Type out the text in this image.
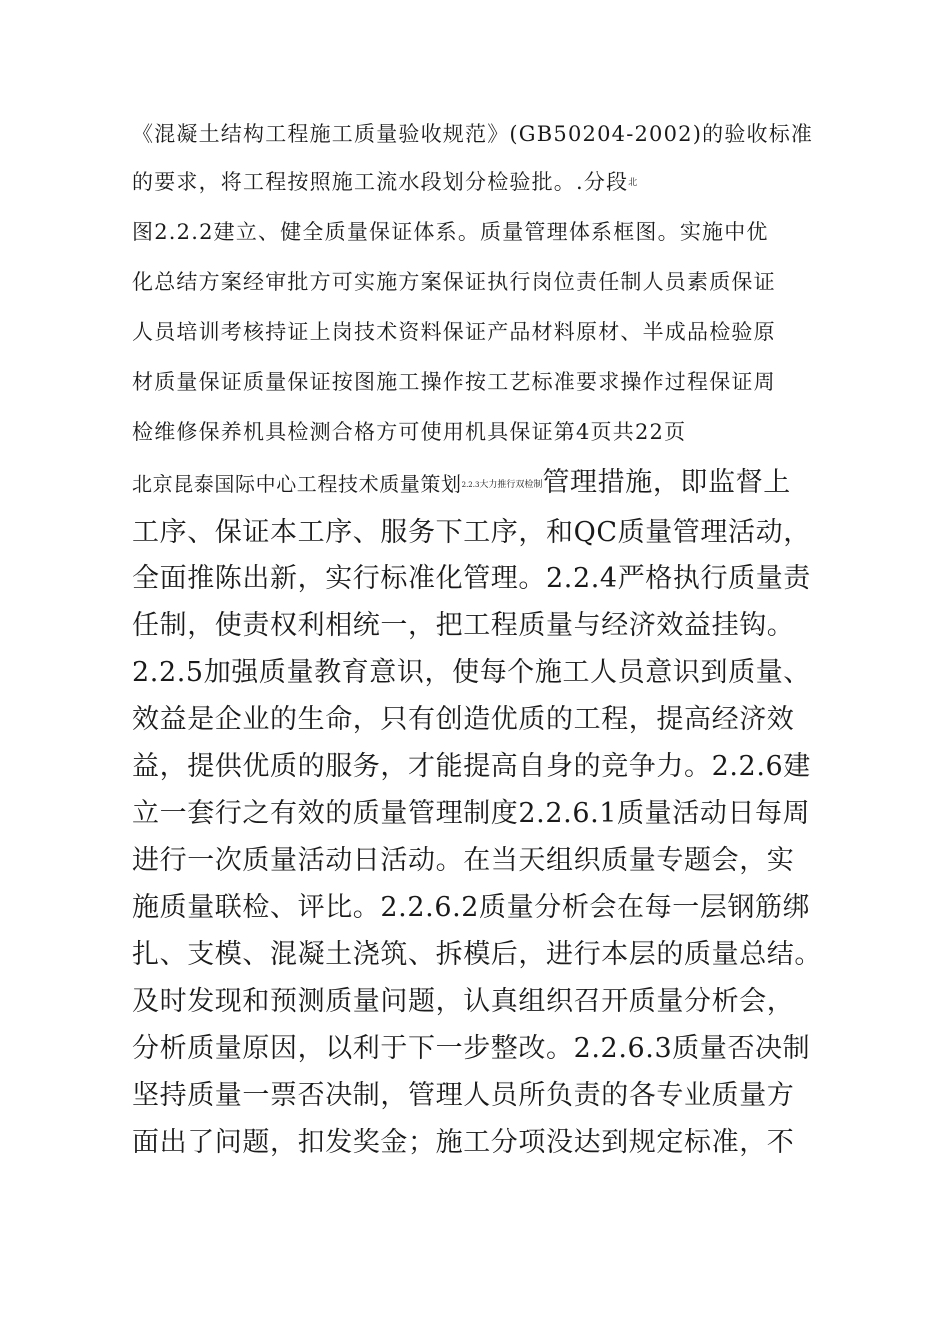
《混凝土结构工程施工质量验收规范》(GB50204-2002)的验收标准
的要求，将工程按照施工流水段划分检验批。.分段北
图2.2.2建立、健全质量保证体系。质量管理体系框图。实施中优
化总结方案经审批方可实施方案保证执行岗位责任制人员素质保证
人员培训考核持证上岗技术资料保证产品材料原材、半成品检验原
材质量保证质量保证按图施工操作按工艺标准要求操作过程保证周
检维修保养机具检测合格方可使用机具保证第4页共22页
北京昆泰国际中心工程技术质量策划$^{2.2.3大力推行双检制}$管理措施，即监督上
工序、保证本工序、服务下工序，和QC质量管理活动，
全面推陈出新，实行标准化管理。2.2.4严格执行质量责
任制，使责权利相统一，把工程质量与经济效益挂钩。
2.2.5加强质量教育意识，使每个施工人员意识到质量、
效益是企业的生命，只有创造优质的工程，提高经济效
益，提供优质的服务，才能提高自身的竞争力。2.2.6建
立一套行之有效的质量管理制度2.2.6.1质量活动日每周
进行一次质量活动日活动。在当天组织质量专题会，实
施质量联检、评比。2.2.6.2质量分析会在每一层钢筋绑
扎、支模、混凝土浇筑、拆模后，进行本层的质量总结。
及时发现和预测质量问题，认真组织召开质量分析会，
分析质量原因，以利于下一步整改。2.2.6.3质量否决制
坚持质量一票否决制，管理人员所负责的各专业质量方
面出了问题，扣发奖金；施工分项没达到规定标准，不
